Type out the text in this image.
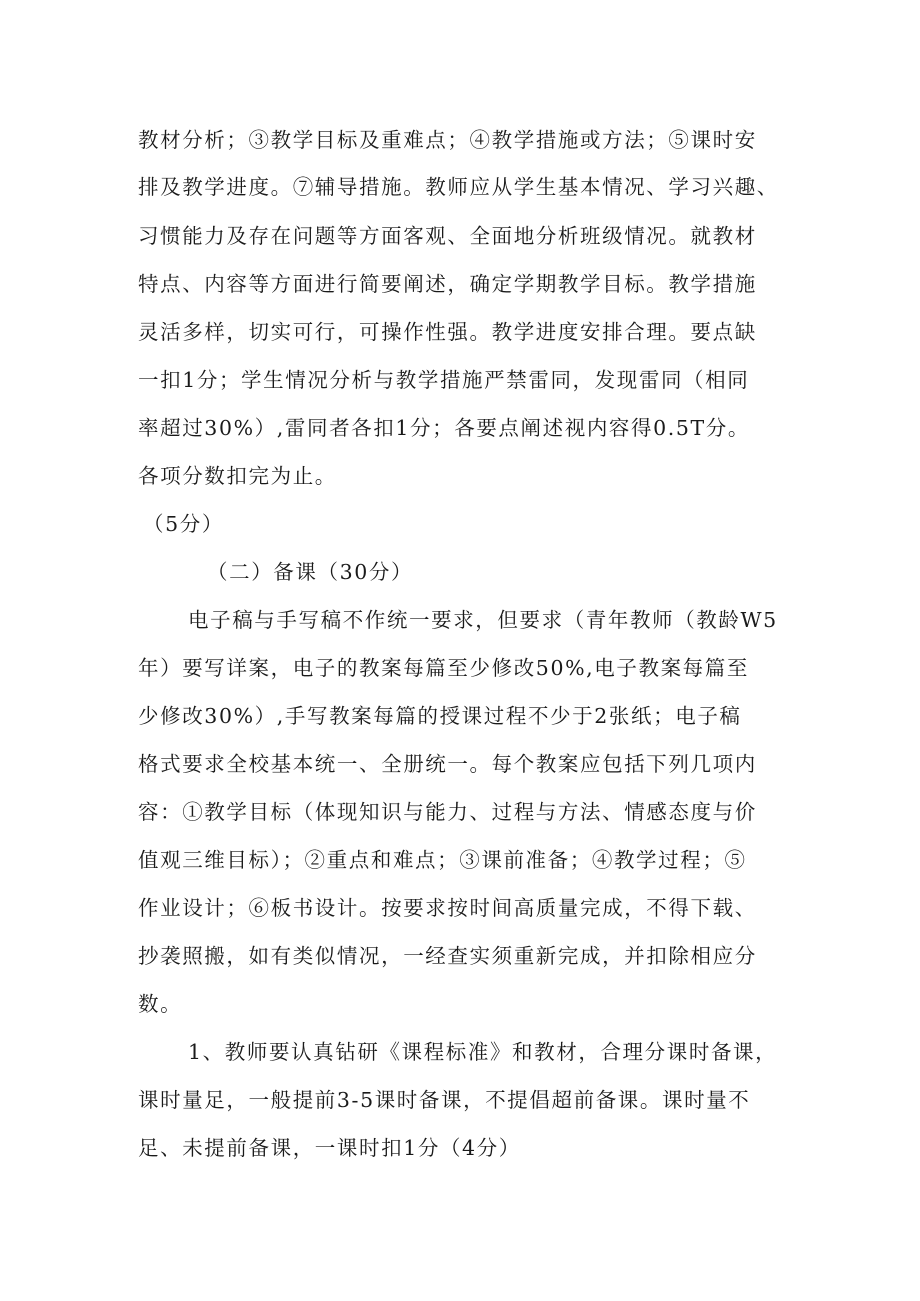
教材分析；③教学目标及重难点；④教学措施或方法；⑤课时安
排及教学进度。⑦辅导措施。教师应从学生基本情况、学习兴趣、
习惯能力及存在问题等方面客观、全面地分析班级情况。就教材
特点、内容等方面进行简要阐述，确定学期教学目标。教学措施
灵活多样，切实可行，可操作性强。教学进度安排合理。要点缺
一扣1分；学生情况分析与教学措施严禁雷同，发现雷同（相同
率超过30%）,雷同者各扣1分；各要点阐述视内容得0.5T分。
各项分数扣完为止。
（5分）
（二）备课（30分）
电子稿与手写稿不作统一要求，但要求（青年教师（教龄W5
年）要写详案，电子的教案每篇至少修改50%,电子教案每篇至
少修改30%）,手写教案每篇的授课过程不少于2张纸；电子稿
格式要求全校基本统一、全册统一。每个教案应包括下列几项内
容：①教学目标（体现知识与能力、过程与方法、情感态度与价
值观三维目标）；②重点和难点；③课前准备；④教学过程；⑤
作业设计；⑥板书设计。按要求按时间高质量完成，不得下载、
抄袭照搬，如有类似情况，一经查实须重新完成，并扣除相应分
数。
1、教师要认真钻研《课程标准》和教材，合理分课时备课，
课时量足，一般提前3-5课时备课，不提倡超前备课。课时量不
足、未提前备课，一课时扣1分（4分）
